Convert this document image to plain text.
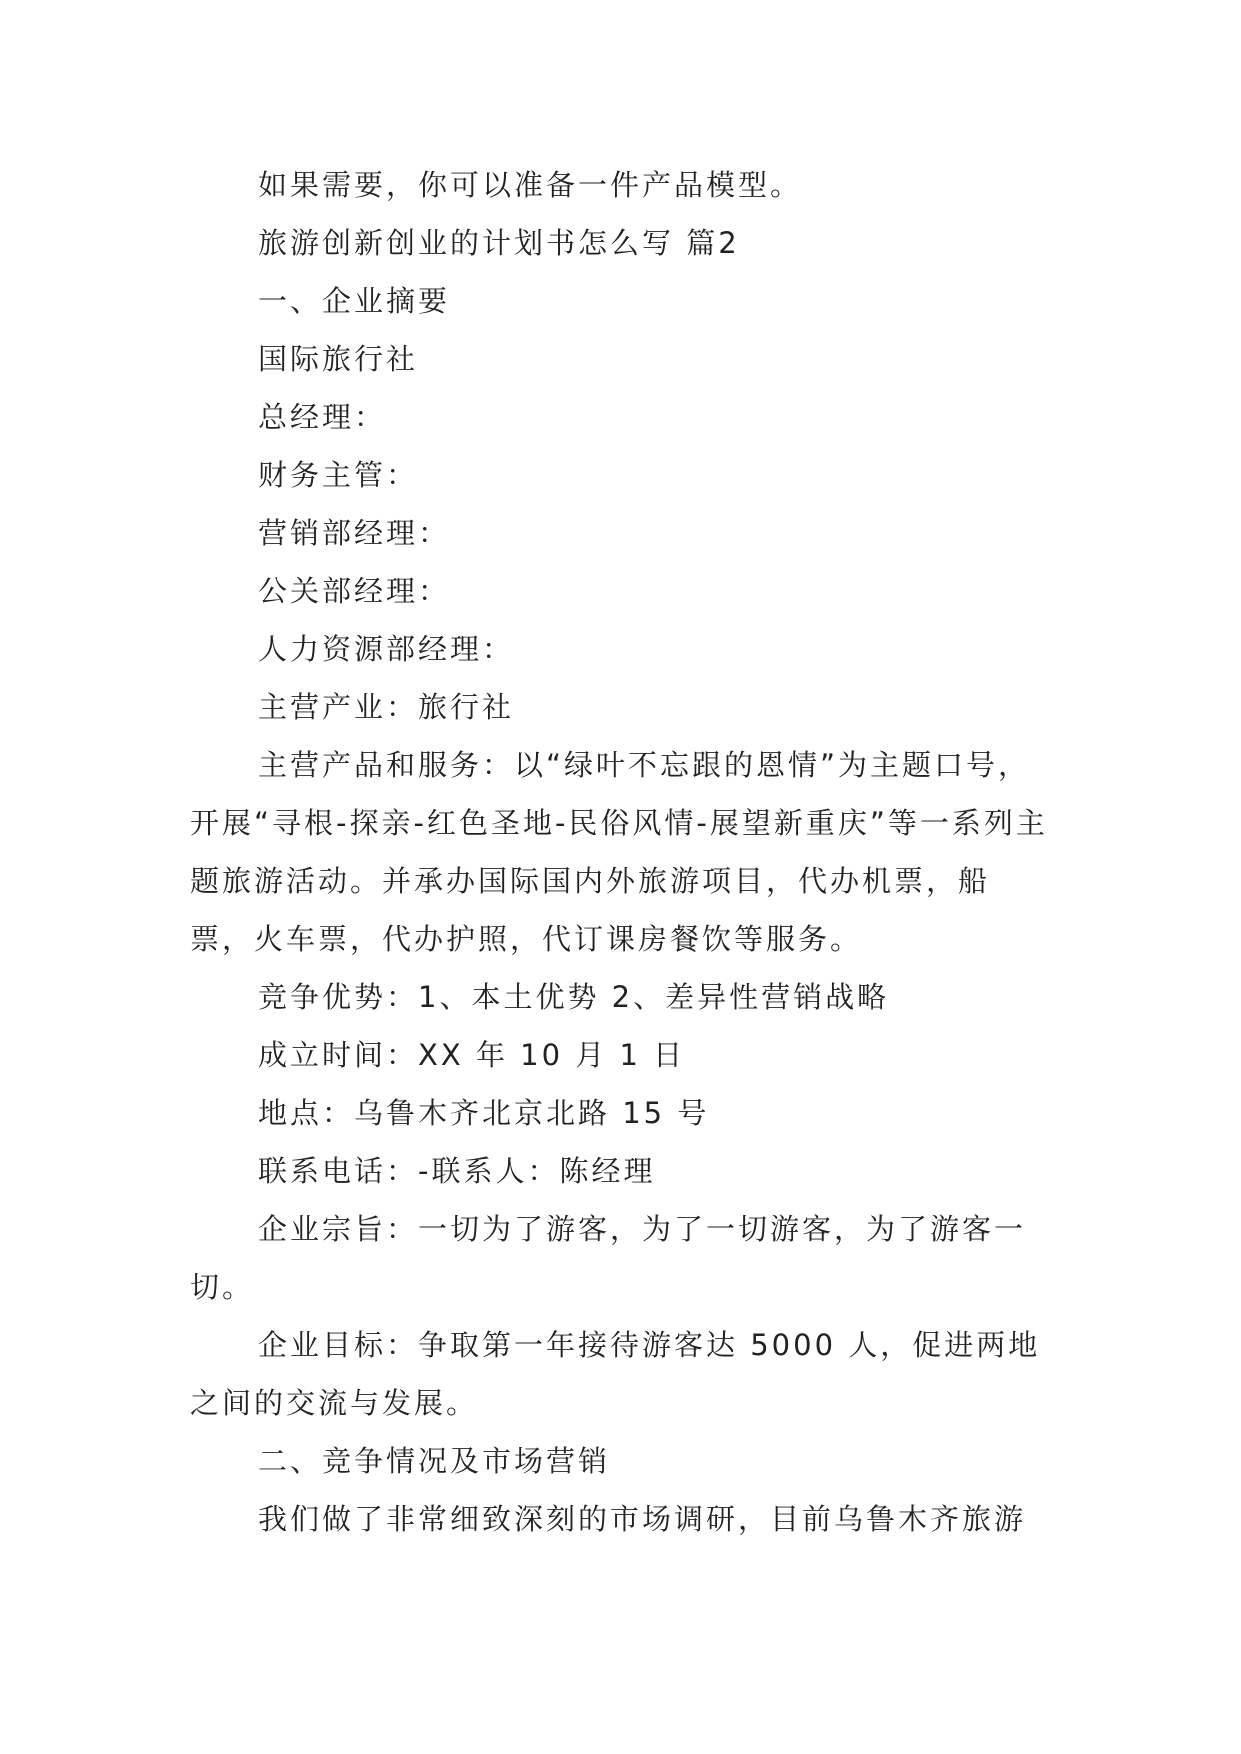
如果需要，你可以准备一件产品模型。

旅游创新创业的计划书怎么写 篇2

一、企业摘要

国际旅行社

总经理：

财务主管：

营销部经理：

公关部经理：

人力资源部经理：

主营产业：旅行社

主营产品和服务：以“绿叶不忘跟的恩情”为主题口号，开展“寻根-探亲-红色圣地-民俗风情-展望新重庆”等一系列主题旅游活动。并承办国际国内外旅游项目，代办机票，船票，火车票，代办护照，代订课房餐饮等服务。

竞争优势：1、本土优势 2、差异性营销战略

成立时间：XX 年 10 月 1 日

地点：乌鲁木齐北京北路 15 号

联系电话：-联系人：陈经理

企业宗旨：一切为了游客，为了一切游客，为了游客一切。

企业目标：争取第一年接待游客达 5000 人，促进两地之间的交流与发展。

二、竞争情况及市场营销

我们做了非常细致深刻的市场调研，目前乌鲁木齐旅游
